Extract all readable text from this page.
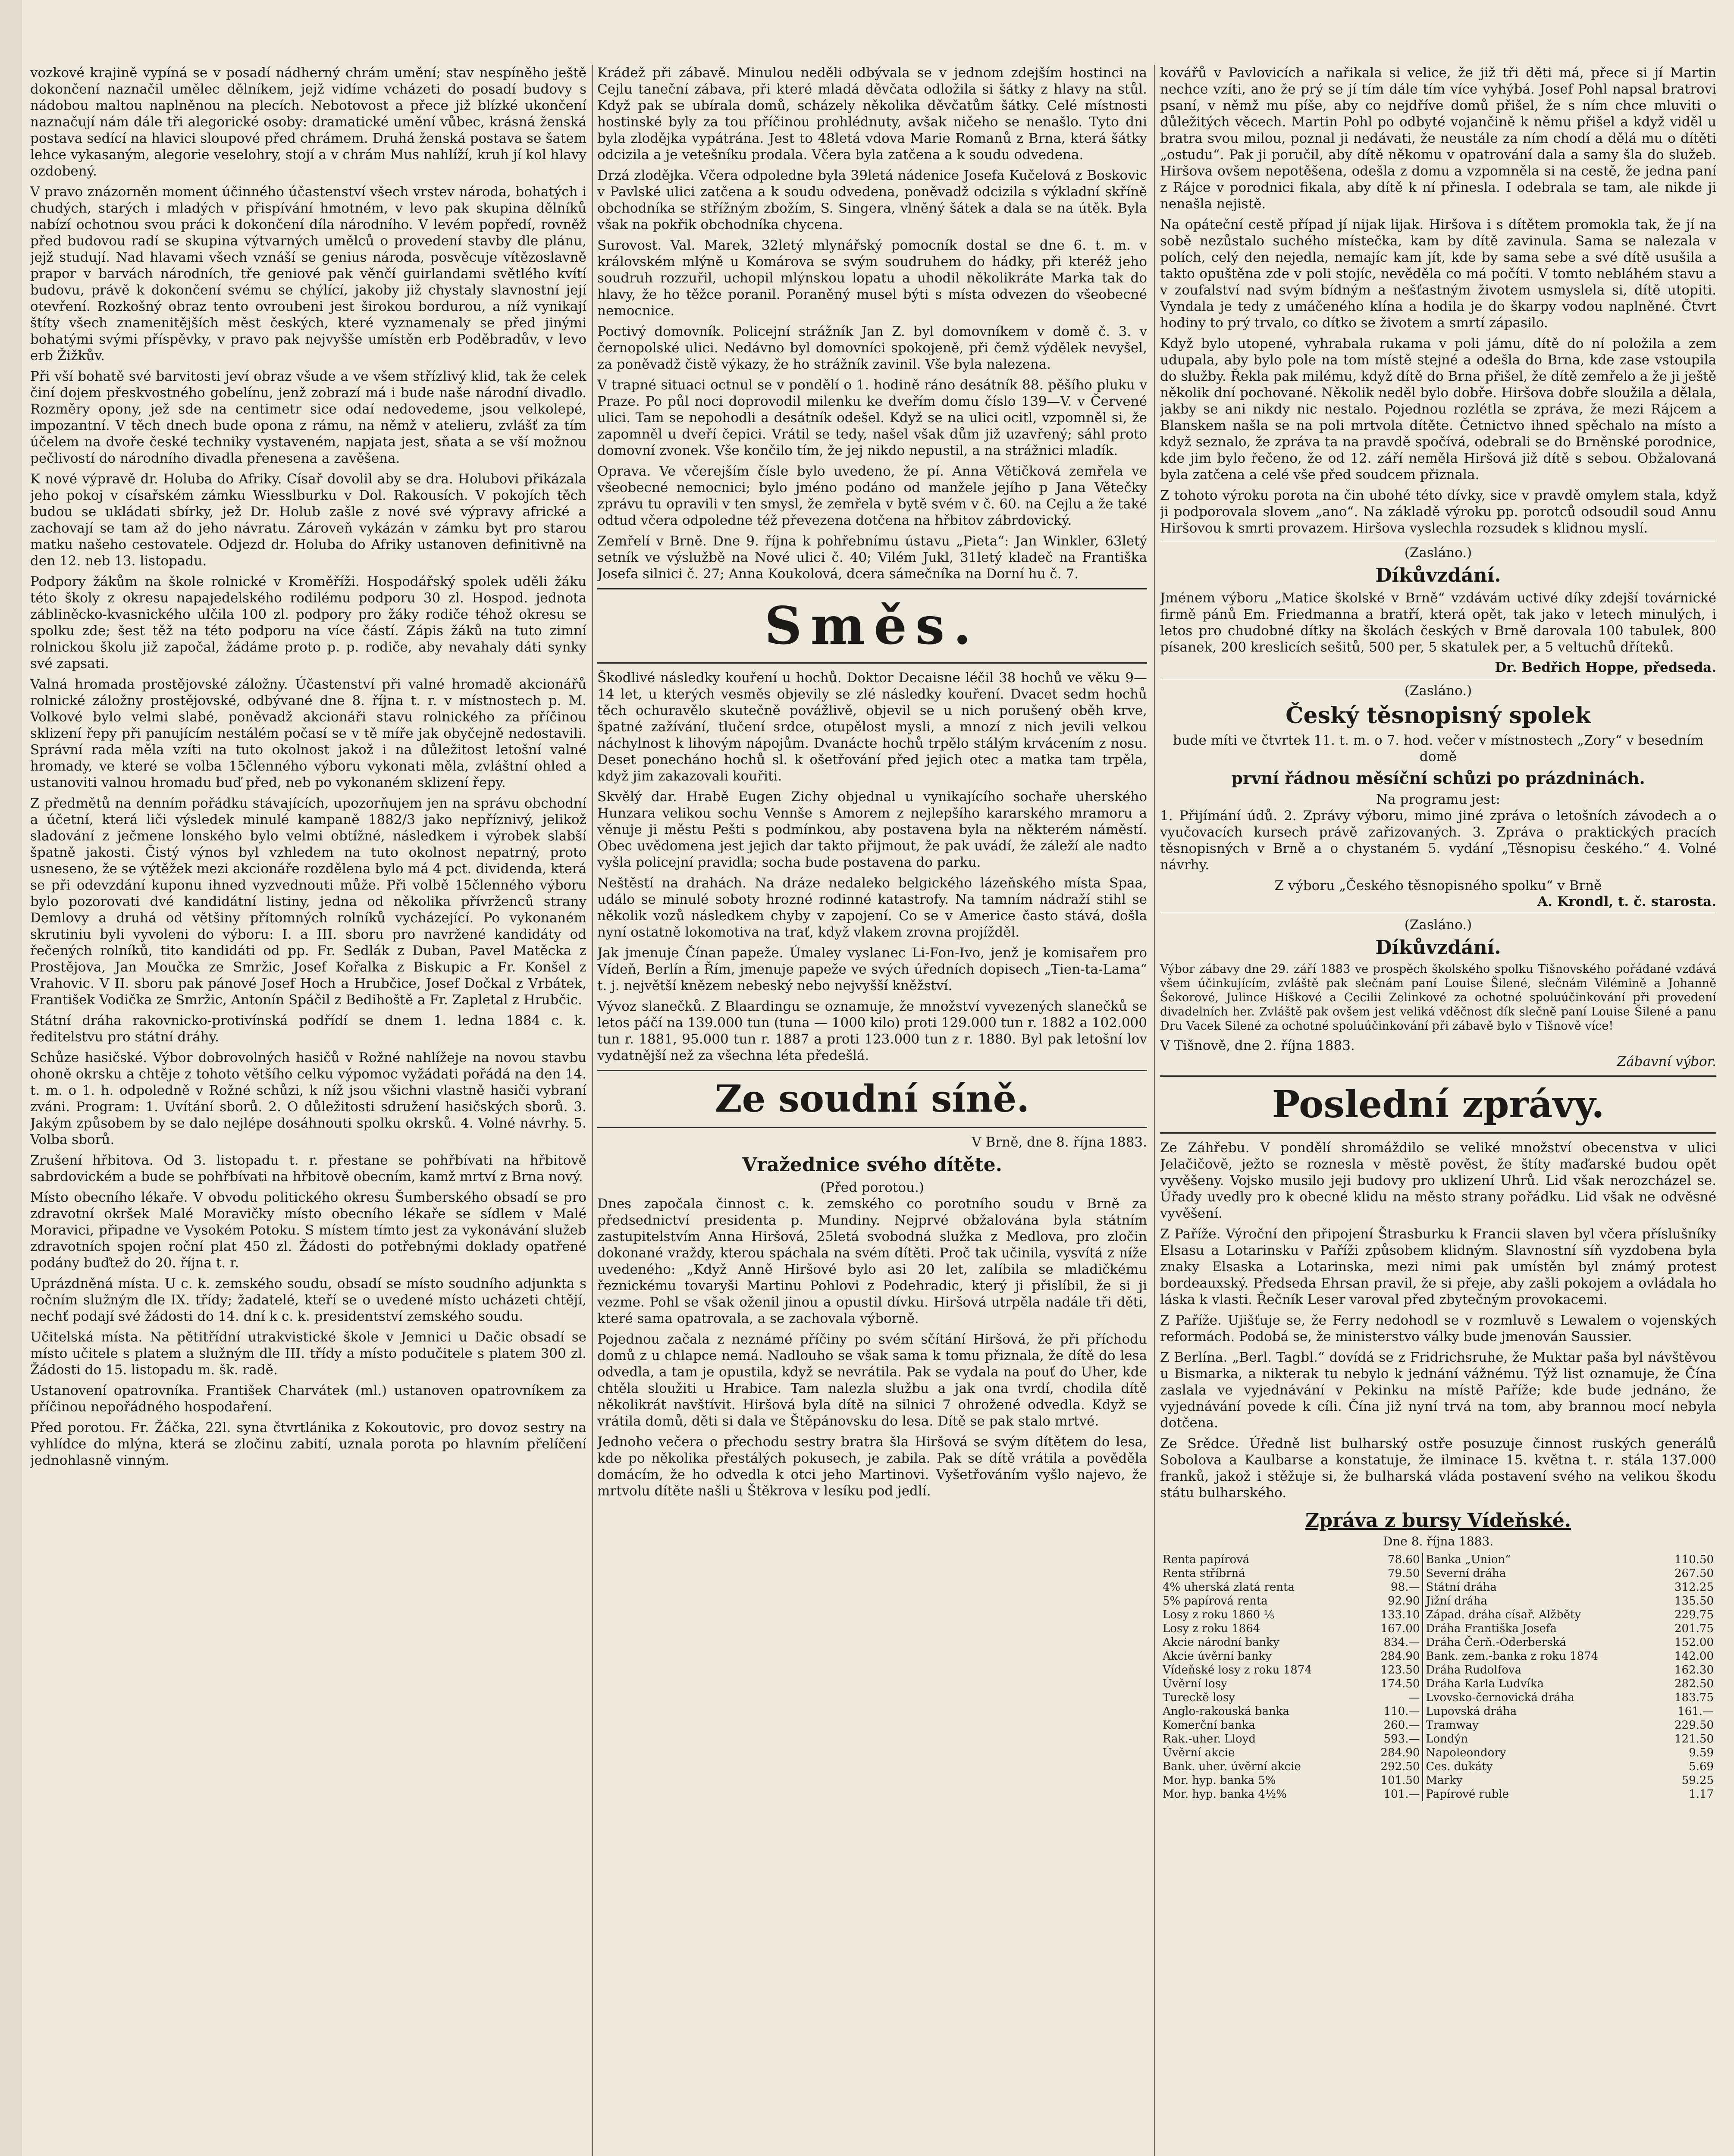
vozkové krajině vypíná se v posadí nádherný chrám umění; stav nespíněho ještě dokončení naznačil umělec dělníkem, jejž vidíme vcházeti do posadí budovy s nádobou maltou naplněnou na plecích. Nebotovost a přece již blízké ukončení naznačují nám dále tři alegorické osoby: dramatické umění vůbec, krásná ženská postava sedící na hlavici sloupové před chrámem. Druhá ženská postava se šatem lehce vykasaným, alegorie veselohry, stojí a v chrám Mus nahlíží, kruh jí kol hlavy ozdobený.

V pravo znázorněn moment účinného účastenství všech vrstev národa, bohatých i chudých, starých i mladých v přispívání hmotném, v levo pak skupina dělníků nabízí ochotnou svou práci k dokončení díla národního. V levém popředí, rovněž před budovou radí se skupina výtvarných umělců o provedení stavby dle plánu, jejž studují. Nad hlavami všech vznáší se genius národa, posvěcuje vítězoslavně prapor v barvách národních, tře geniové pak věnčí guirlandami světlého kvítí budovu, právě k dokončení svému se chýlící, jakoby již chystaly slavnostní její otevření. Rozkošný obraz tento ovroubeni jest širokou bordurou, a níž vynikají štíty všech znamenitějších měst českých, které vyznamenaly se před jinými bohatými svými příspěvky, v pravo pak nejvyšše umístěn erb Poděbradův, v levo erb Žižkův.

Při vší bohatě své barvitosti jeví obraz všude a ve všem střízlivý klid, tak že celek činí dojem přeskvostného gobelínu, jenž zobrazí má i bude naše národní divadlo. Rozměry opony, jež sde na centimetr sice odaí nedovedeme, jsou velkolepé, impozantní. V těch dnech bude opona z rámu, na němž v atelieru, zvlášť za tím účelem na dvoře české techniky vystaveném, napjata jest, sňata a se vší možnou pečlivostí do národního divadla přenesena a zavěšena.

K nové výpravě dr. Holuba do Afriky. Císař dovolil aby se dra. Holubovi přikázala jeho pokoj v císařském zámku Wiesslburku v Dol. Rakousích. V pokojích těch budou se ukládati sbírky, jež Dr. Holub zašle z nové své výpravy africké a zachovají se tam až do jeho návratu. Zároveň vykázán v zámku byt pro starou matku našeho cestovatele. Odjezd dr. Holuba do Afriky ustanoven definitivně na den 12. neb 13. listopadu.

Podpory žákům na škole rolnické v Kroměříži. Hospodářský spolek uděli žáku této školy z okresu napajedelského rodilému podporu 30 zl. Hospod. jednota zábliněcko-kvasnického ulčila 100 zl. podpory pro žáky rodiče téhož okresu se spolku zde; šest těž na této podporu na více částí. Zápis žáků na tuto zimní rolnickou školu již započal, žádáme proto p. p. rodiče, aby nevahaly dáti synky své zapsati.

Valná hromada prostějovské záložny. Účastenství při valné hromadě akcionářů rolnické záložny prostějovské, odbývané dne 8. října t. r. v místnostech p. M. Volkové bylo velmi slabé, poněvadž akcionáři stavu rolnického za příčinou sklizení řepy při panujícím nestálém počasí se v tě míře jak obyčejně nedostavili. Správní rada měla vzíti na tuto okolnost jakož i na důležitost letošní valné hromady, ve které se volba 15členného výboru vykonati měla, zvláštní ohled a ustanoviti valnou hromadu buď před, neb po vykonaném sklizení řepy.

Z předmětů na denním pořádku stávajících, upozorňujem jen na správu obchodní a účetní, která liči výsledek minulé kampaně 1882/3 jako nepříznivý, jelikož sladování z ječmene lonského bylo velmi obtížné, následkem i výrobek slabší špatně jakosti. Čistý výnos byl vzhledem na tuto okolnost nepatrný, proto usneseno, že se výtěžek mezi akcionáře rozdělena bylo má 4 pct. dividenda, která se při odevzdání kuponu ihned vyzvednouti může. Při volbě 15členného výboru bylo pozorovati dvé kandidátní listiny, jedna od několika přívrženců strany Demlovy a druhá od většiny přítomných rolníků vycházející. Po vykonaném skrutiniu byli vyvoleni do výboru: I. a III. sboru pro navržené kandidáty od řečených rolníků, tito kandidáti od pp. Fr. Sedlák z Duban, Pavel Matěcka z Prostějova, Jan Moučka ze Smržic, Josef Kořalka z Biskupic a Fr. Konšel z Vrahovic. V II. sboru pak pánové Josef Hoch a Hrubčice, Josef Dočkal z Vrbátek, František Vodička ze Smržic, Antonín Spáčil z Bedihoště a Fr. Zapletal z Hrubčic.

Státní dráha rakovnicko-protivínská podřídí se dnem 1. ledna 1884 c. k. ředitelstvu pro státní dráhy.

Schůze hasičské. Výbor dobrovolných hasičů v Rožné nahlížeje na novou stavbu ohoně okrsku a chtěje z tohoto většího celku výpomoc vyžádati pořádá na den 14. t. m. o 1. h. odpoledně v Rožné schůzi, k níž jsou všichni vlastně hasiči vybraní zváni. Program: 1. Uvítání sborů. 2. O důležitosti sdružení hasičských sborů. 3. Jakým způsobem by se dalo nejlépe dosáhnouti spolku okrsků. 4. Volné návrhy. 5. Volba sborů.

Zrušení hřbitova. Od 3. listopadu t. r. přestane se pohřbívati na hřbitově sabrdovickém a bude se pohřbívati na hřbitově obecním, kamž mrtví z Brna nový.

Místo obecního lékaře. V obvodu politického okresu Šumberského obsadí se pro zdravotní okršek Malé Moravičky místo obecního lékaře se sídlem v Malé Moravici, připadne ve Vysokém Potoku. S místem tímto jest za vykonávání služeb zdravotních spojen roční plat 450 zl. Žádosti do potřebnými doklady opatřené podány buďtež do 20. října t. r.

Uprázdněná místa. U c. k. zemského soudu, obsadí se místo soudního adjunkta s ročním služným dle IX. třídy; žadatelé, kteří se o uvedené místo ucházeti chtějí, nechť podají své žádosti do 14. dní k c. k. presidentství zemského soudu.

Učitelská místa. Na pětitřídní utrakvistické škole v Jemnici u Dačic obsadí se místo učitele s platem a služným dle III. třídy a místo podučitele s platem 300 zl. Žádosti do 15. listopadu m. šk. radě.

Ustanovení opatrovníka. František Charvátek (ml.) ustanoven opatrovníkem za příčinou nepořádného hospodaření.

Před porotou. Fr. Žáčka, 22l. syna čtvrtlánika z Kokoutovic, pro dovoz sestry na vyhlídce do mlýna, která se zločinu zabití, uznala porota po hlavním přelíčení jednohlasně vinným.

Krádež při zábavě. Minulou neděli odbývala se v jednom zdejším hostinci na Cejlu taneční zábava, při které mladá děvčata odložila si šátky z hlavy na stůl. Když pak se ubírala domů, scházely několika děvčatům šátky. Celé místnosti hostinské byly za tou příčinou prohlédnuty, avšak ničeho se nenašlo. Tyto dni byla zlodějka vypátrána. Jest to 48letá vdova Marie Romanů z Brna, která šátky odcizila a je vetešníku prodala. Včera byla zatčena a k soudu odvedena.

Drzá zlodějka. Včera odpoledne byla 39letá nádenice Josefa Kučelová z Boskovic v Pavlské ulici zatčena a k soudu odvedena, poněvadž odcizila s výkladní skříně obchodníka se střížným zbožím, S. Singera, vlněný šátek a dala se na útěk. Byla však na pokřik obchodníka chycena.

Surovost. Val. Marek, 32letý mlynářský pomocník dostal se dne 6. t. m. v královském mlýně u Komárova se svým soudruhem do hádky, při kteréž jeho soudruh rozzuřil, uchopil mlýnskou lopatu a uhodil několikráte Marka tak do hlavy, že ho těžce poranil. Poraněný musel býti s místa odvezen do všeobecné nemocnice.

Poctivý domovník. Policejní strážník Jan Z. byl domovníkem v domě č. 3. v černopolské ulici. Nedávno byl domovníci spokojeně, při čemž výdělek nevyšel, za poněvadž čistě výkazy, že ho strážník zavinil. Vše byla nalezena.

V trapné situaci octnul se v pondělí o 1. hodině ráno desátník 88. pěšího pluku v Praze. Po půl noci doprovodil milenku ke dveřím domu číslo 139—V. v Červené ulici. Tam se nepohodli a desátník odešel. Když se na ulici ocitl, vzpomněl si, že zapomněl u dveří čepici. Vrátil se tedy, našel však dům již uzavřený; sáhl proto domovní zvonek. Vše končilo tím, že jej nikdo nepustil, a na strážnici mladík.

Oprava. Ve včerejším čísle bylo uvedeno, že pí. Anna Větičková zemřela ve všeobecné nemocnici; bylo jméno podáno od manžele jejího p Jana Větečky zprávu tu opravili v ten smysl, že zemřela v bytě svém v č. 60. na Cejlu a že také odtud včera odpoledne též převezena dotčena na hřbitov zábrdovický.

Zemřelí v Brně. Dne 9. října k pohřebnímu ústavu „Pieta“: Jan Winkler, 63letý setník ve výslužbě na Nové ulici č. 40; Vilém Jukl, 31letý kladeč na Františka Josefa silnici č. 27; Anna Koukolová, dcera sámečníka na Dorní hu č. 7.

Směs.

Škodlivé následky kouření u hochů. Doktor Decaisne léčil 38 hochů ve věku 9—14 let, u kterých vesměs objevily se zlé následky kouření. Dvacet sedm hochů těch ochuravělo skutečně povážlivě, objevil se u nich porušený oběh krve, špatné zažívání, tlučení srdce, otupělost mysli, a mnozí z nich jevili velkou náchylnost k lihovým nápojům. Dvanácte hochů trpělo stálým krvácením z nosu. Deset ponecháno hochů sl. k ošetřování před jejich otec a matka tam trpěla, když jim zakazovali kouřiti.

Skvělý dar. Hrabě Eugen Zichy objednal u vynikajícího sochaře uherského Hunzara velikou sochu Vennše s Amorem z nejlepšího kararského mramoru a věnuje ji městu Pešti s podmínkou, aby postavena byla na některém náměstí. Obec uvědomena jest jejich dar takto přijmout, že pak uvádí, že záleží ale nadto vyšla policejní pravidla; socha bude postavena do parku.

Neštěstí na drahách. Na dráze nedaleko belgického lázeňského místa Spaa, událo se minulé soboty hrozné rodinné katastrofy. Na tamním nádraží stihl se několik vozů následkem chyby v zapojení. Co se v Americe často stává, došla nyní ostatně lokomotiva na trať, když vlakem zrovna projížděl.

Jak jmenuje Čínan papeže. Úmaley vyslanec Li-Fon-Ivo, jenž je komisařem pro Vídeň, Berlín a Řím, jmenuje papeže ve svých úředních dopisech „Tien-ta-Lama“ t. j. největší knězem nebeský nebo nejvyšší kněžství.

Vývoz slanečků. Z Blaardingu se oznamuje, že množství vyvezených slanečků se letos páčí na 139.000 tun (tuna — 1000 kilo) proti 129.000 tun r. 1882 a 102.000 tun r. 1881, 95.000 tun r. 1887 a proti 123.000 tun z r. 1880. Byl pak letošní lov vydatnější než za všechna léta předešlá.

Ze soudní síně.
V Brně, dne 8. října 1883.
Vražednice svého dítěte.
(Před porotou.)

Dnes započala činnost c. k. zemského co porotního soudu v Brně za předsednictví presidenta p. Mundiny. Nejprvé obžalována byla státním zastupitelstvím Anna Hiršová, 25letá svobodná služka z Medlova, pro zločin dokonané vraždy, kterou spáchala na svém dítěti. Proč tak učinila, vysvítá z níže uvedeného: „Když Anně Hiršové bylo asi 20 let, zalíbila se mladičkému řeznickému tovaryši Martinu Pohlovi z Podehradic, který ji přislíbil, že si ji vezme. Pohl se však oženil jinou a opustil dívku. Hiršová utrpěla nadále tři děti, které sama opatrovala, a se zachovala výborně.

Pojednou začala z neznámé příčiny po svém sčítání Hiršová, že při příchodu domů z u chlapce nemá. Nadlouho se však sama k tomu přiznala, že dítě do lesa odvedla, a tam je opustila, když se nevrátila. Pak se vydala na pouť do Uher, kde chtěla sloužiti u Hrabice. Tam nalezla službu a jak ona tvrdí, chodila dítě několikrát navštívit. Hiršová byla dítě na silnici 7 ohrožené odvedla. Když se vrátila domů, děti si dala ve Štěpánovsku do lesa. Dítě se pak stalo mrtvé.

Jednoho večera o přechodu sestry bratra šla Hiršová se svým dítětem do lesa, kde po několika přestálých pokusech, je zabila. Pak se dítě vrátila a pověděla domácím, že ho odvedla k otci jeho Martinovi. Vyšetřováním vyšlo najevo, že mrtvolu dítěte našli u Štěkrova v lesíku pod jedlí.

kovářů v Pavlovicích a nařikala si velice, že již tři děti má, přece si jí Martin nechce vzíti, ano že prý se jí tím dále tím více vyhýbá. Josef Pohl napsal bratrovi psaní, v němž mu píše, aby co nejdříve domů přišel, že s ním chce mluviti o důležitých věcech. Martin Pohl po odbyté vojančině k němu přišel a když viděl u bratra svou milou, poznal ji nedávati, že neustále za ním chodí a dělá mu o dítěti „ostudu“. Pak ji poručil, aby dítě někomu v opatrování dala a samy šla do služeb. Hiršova ovšem nepotěšena, odešla z domu a vzpomněla si na cestě, že jedna paní z Rájce v porodnici fikala, aby dítě k ní přinesla. I odebrala se tam, ale nikde ji nenašla nejistě.

Na opáteční cestě případ jí nijak lijak. Hiršova i s dítětem promokla tak, že jí na sobě nezůstalo suchého místečka, kam by dítě zavinula. Sama se nalezala v polích, celý den nejedla, nemajíc kam jít, kde by sama sebe a své dítě usušila a takto opuštěna zde v poli stojíc, nevěděla co má počíti. V tomto nebláhém stavu a v zoufalství nad svým bídným a nešťastným životem usmyslela si, dítě utopiti. Vyndala je tedy z umáčeného klína a hodila je do škarpy vodou naplněné. Čtvrt hodiny to prý trvalo, co dítko se životem a smrtí zápasilo.

Když bylo utopené, vyhrabala rukama v poli jámu, dítě do ní položila a zem udupala, aby bylo pole na tom místě stejné a odešla do Brna, kde zase vstoupila do služby. Řekla pak milému, když dítě do Brna přišel, že dítě zemřelo a že ji ještě několik dní pochované. Několik neděl bylo dobře. Hiršova dobře sloužila a dělala, jakby se ani nikdy nic nestalo. Pojednou rozlétla se zpráva, že mezi Rájcem a Blanskem našla se na poli mrtvola dítěte. Četnictvo ihned spěchalo na místo a když seznalo, že zpráva ta na pravdě spočívá, odebrali se do Brněnské porodnice, kde jim bylo řečeno, že od 12. září neměla Hiršová již dítě s sebou. Obžalovaná byla zatčena a celé vše před soudcem přiznala.

Z tohoto výroku porota na čin ubohé této dívky, sice v pravdě omylem stala, když ji podporovala slovem „ano“. Na základě výroku pp. porotců odsoudil soud Annu Hiršovou k smrti provazem. Hiršova vyslechla rozsudek s klidnou myslí.

(Zasláno.)
Díkůvzdání.

Jménem výboru „Matice školské v Brně“ vzdávám uctivé díky zdejší továrnické firmě pánů Em. Friedmanna a bratří, která opět, tak jako v letech minulých, i letos pro chudobné dítky na školách českých v Brně darovala 100 tabulek, 800 písanek, 200 kreslicích sešitů, 500 per, 5 skatulek per, a 5 veltuchů dříteků.

Dr. Bedřich Hoppe, předseda.
(Zasláno.)
Český těsnopisný spolek
bude míti ve čtvrtek 11. t. m. o 7. hod. večer v místnostech „Zory“ v besedním domě
první řádnou měsíční schůzi po prázdninách.
Na programu jest:

1. Přijímání údů. 2. Zprávy výboru, mimo jiné zpráva o letošních závodech a o vyučovacích kursech právě zařizovaných. 3. Zpráva o praktických pracích těsnopisných v Brně a o chystaném 5. vydání „Těsnopisu českého.“ 4. Volné návrhy.

Z výboru „Českého těsnopisného spolku“ v Brně
A. Krondl, t. č. starosta.
(Zasláno.)
Díkůvzdání.

Výbor zábavy dne 29. září 1883 ve prospěch školského spolku Tišnovského pořádané vzdává všem účinkujícím, zvláště pak slečnám paní Louise Šilené, slečnám Vilémině a Johanně Šekorové, Julince Hiškové a Cecilii Zelinkové za ochotné spoluúčinkování při provedení divadelních her. Zvláště pak ovšem jest veliká vděčnost dík slečně paní Louise Šilené a panu Dru Vacek Silené za ochotné spoluúčinkování při zábavě bylo v Tišnově více!

V Tišnově, dne 2. října 1883.
Zábavní výbor.
Poslední zprávy.

Ze Záhřebu. V pondělí shromáždilo se veliké množství obecenstva v ulici Jelačičově, ježto se roznesla v městě pověst, že štíty maďarské budou opět vyvěšeny. Vojsko musilo jeji budovy pro uklizení Uhrů. Lid však nerozcházel se. Úřady uvedly pro k obecné klidu na město strany pořádku. Lid však ne odvěsné vyvěšení.

Z Paříže. Výroční den připojení Štrasburku k Francii slaven byl včera příslušníky Elsasu a Lotarinsku v Paříži způsobem klidným. Slavnostní síň vyzdobena byla znaky Elsaska a Lotarinska, mezi nimi pak umístěn byl známý protest bordeauxský. Předseda Ehrsan pravil, že si přeje, aby zašli pokojem a ovládala ho láska k vlasti. Řečník Leser varoval před zbytečným provokacemi.

Z Paříže. Ujišťuje se, že Ferry nedohodl se v rozmluvě s Lewalem o vojenských reformách. Podobá se, že ministerstvo války bude jmenován Saussier.

Z Berlína. „Berl. Tagbl.“ dovídá se z Fridrichsruhe, že Muktar paša byl návštěvou u Bismarka, a nikterak tu nebylo k jednání vážnému. Týž list oznamuje, že Čína zaslala ve vyjednávání v Pekinku na místě Paříže; kde bude jednáno, že vyjednávání povede k cíli. Čína již nyní trvá na tom, aby brannou mocí nebyla dotčena.

Ze Srědce. Úředně list bulharský ostře posuzuje činnost ruských generálů Sobolova a Kaulbarse a konstatuje, že ilminace 15. května t. r. stála 137.000 franků, jakož i stěžuje si, že bulharská vláda postavení svého na velikou škodu státu bulharského.

Zpráva z bursy Vídeňské.
Dne 8. října 1883.
Renta papírová	78.60	Banka „Union“	110.50
Renta stříbrná	79.50	Severní dráha	267.50
4% uherská zlatá renta	98.—	Státní dráha	312.25
5% papírová renta	92.90	Jižní dráha	135.50
Losy z roku 1860 ⅕	133.10	Západ. dráha císař. Alžběty	229.75
Losy z roku 1864	167.00	Dráha Františka Josefa	201.75
Akcie národní banky	834.—	Dráha Čerň.-Oderberská	152.00
Akcie úvěrní banky	284.90	Bank. zem.-banka z roku 1874	142.00
Vídeňské losy z roku 1874	123.50	Dráha Rudolfova	162.30
Úvěrní losy	174.50	Dráha Karla Ludvíka	282.50
Tureckě losy	—	Lvovsko-černovická dráha	183.75
Anglo-rakouská banka	110.—	Lupovská dráha	161.—
Komerční banka	260.—	Tramway	229.50
Rak.-uher. Lloyd	593.—	Londýn	121.50
Úvěrní akcie	284.90	Napoleondory	9.59
Bank. uher. úvěrní akcie	292.50	Ces. dukáty	5.69
Mor. hyp. banka 5%	101.50	Marky	59.25
Mor. hyp. banka 4½%	101.—	Papírové ruble	1.17
